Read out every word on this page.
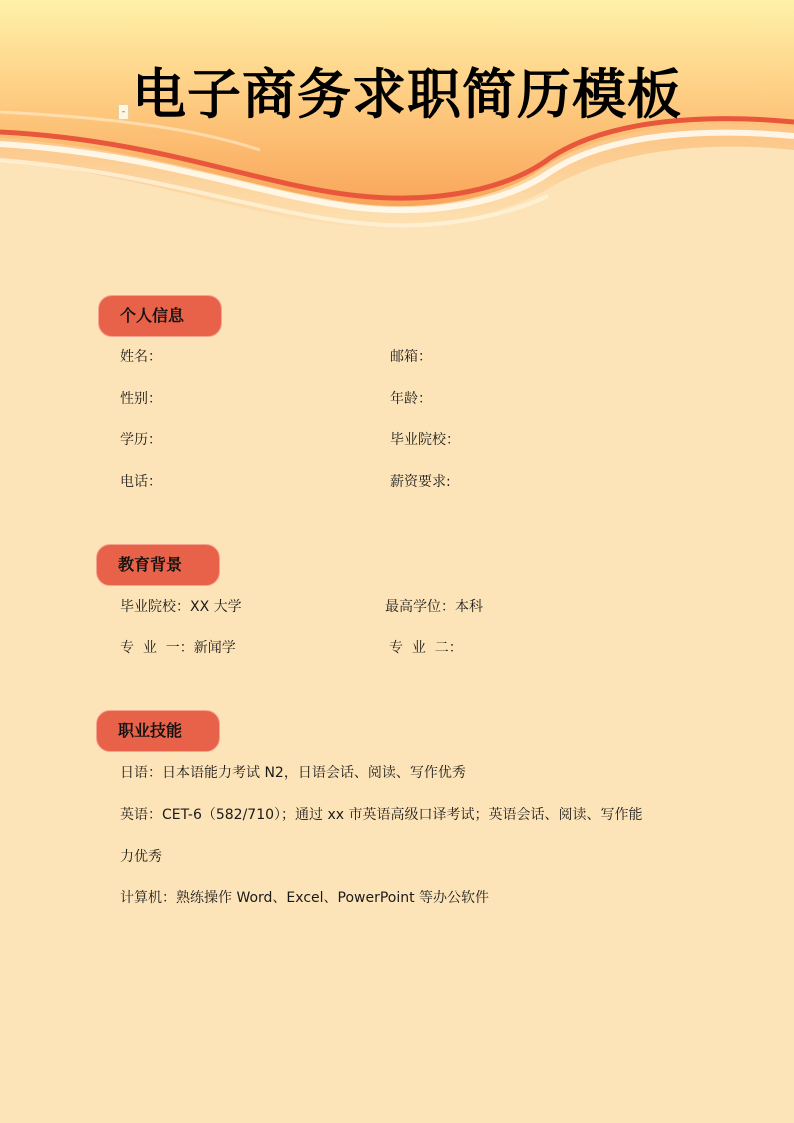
电子商务求职简历模板
-
个人信息
姓名：	邮箱：
性别：	年龄：
学历：	毕业院校：
电话：	薪资要求:
教育背景
毕业院校：XX 大学	最高学位：本科
专  业  一：新闻学	专  业  二：
职业技能
日语：日本语能力考试 N2，日语会话、阅读、写作优秀
英语：CET-6（582/710）；通过 xx 市英语高级口译考试；英语会话、阅读、写作能
力优秀
计算机：熟练操作 Word、Excel、PowerPoint 等办公软件
